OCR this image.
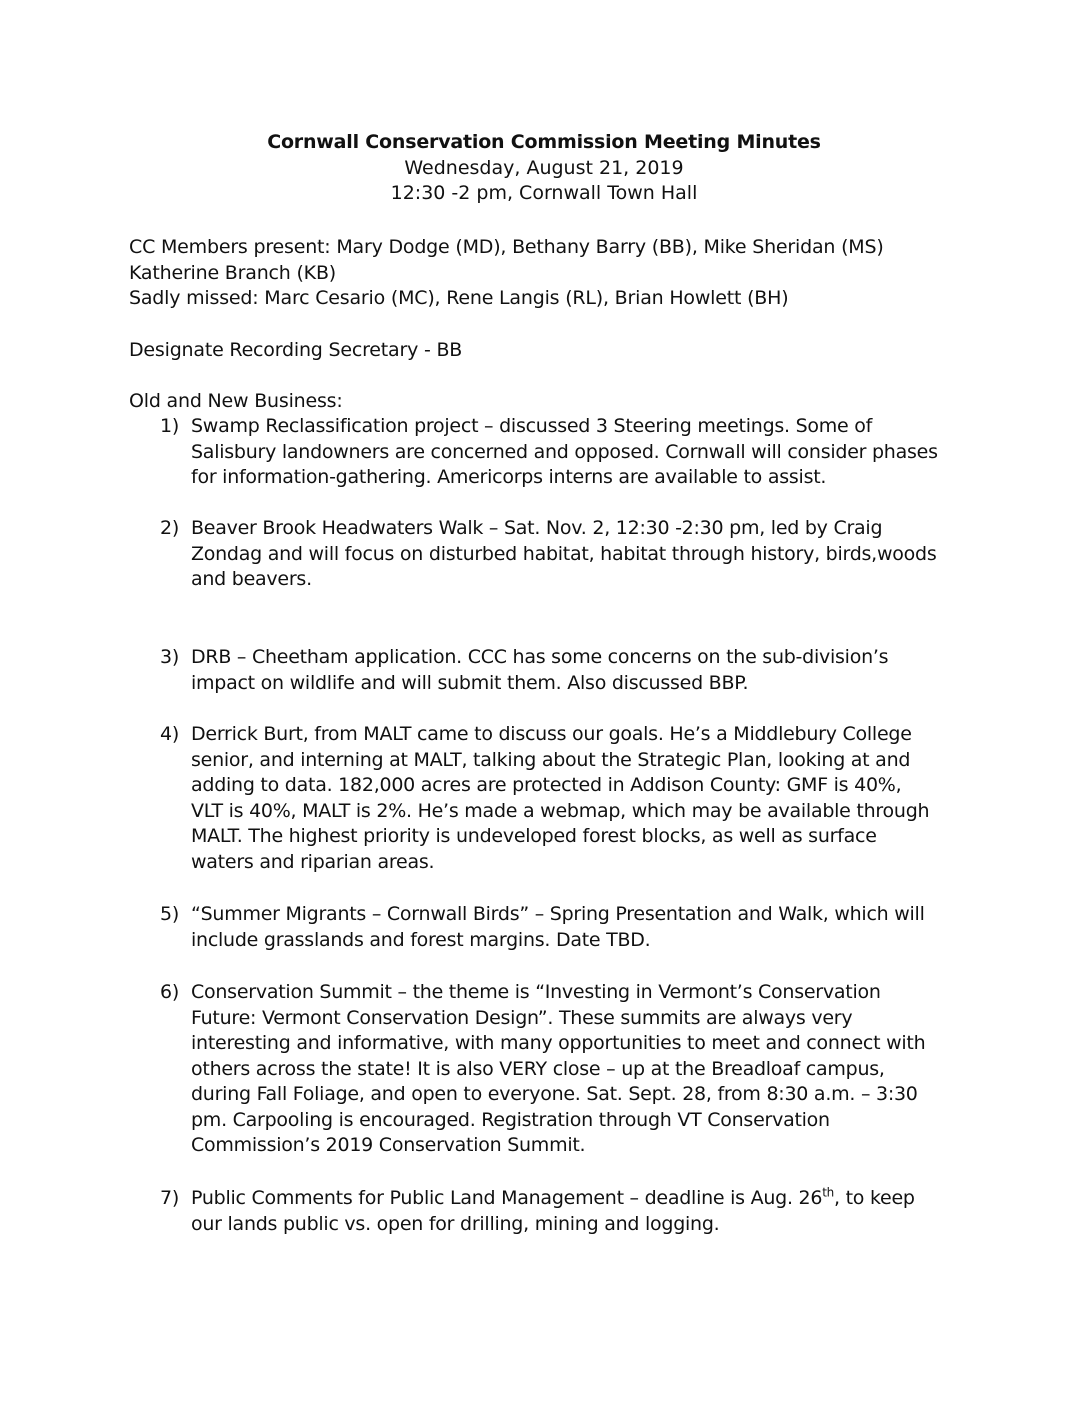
Cornwall Conservation Commission Meeting Minutes
Wednesday, August 21, 2019
12:30 -2 pm, Cornwall Town Hall
CC Members present: Mary Dodge (MD), Bethany Barry (BB), Mike Sheridan (MS)
Katherine Branch (KB)
Sadly missed: Marc Cesario (MC), Rene Langis (RL), Brian Howlett (BH)
Designate Recording Secretary - BB
Old and New Business:
1) Swamp Reclassification project – discussed 3 Steering meetings. Some of
Salisbury landowners are concerned and opposed. Cornwall will consider phases
for information-gathering. Americorps interns are available to assist.
2) Beaver Brook Headwaters Walk – Sat. Nov. 2, 12:30 -2:30 pm, led by Craig
Zondag and will focus on disturbed habitat, habitat through history, birds,woods
and beavers.
3) DRB – Cheetham application. CCC has some concerns on the sub-division’s
impact on wildlife and will submit them. Also discussed BBP.
4) Derrick Burt, from MALT came to discuss our goals. He’s a Middlebury College
senior, and interning at MALT, talking about the Strategic Plan, looking at and
adding to data. 182,000 acres are protected in Addison County: GMF is 40%,
VLT is 40%, MALT is 2%. He’s made a webmap, which may be available through
MALT. The highest priority is undeveloped forest blocks, as well as surface
waters and riparian areas.
5) “Summer Migrants – Cornwall Birds” – Spring Presentation and Walk, which will
include grasslands and forest margins. Date TBD.
6) Conservation Summit – the theme is “Investing in Vermont’s Conservation
Future: Vermont Conservation Design”. These summits are always very
interesting and informative, with many opportunities to meet and connect with
others across the state! It is also VERY close – up at the Breadloaf campus,
during Fall Foliage, and open to everyone. Sat. Sept. 28, from 8:30 a.m. – 3:30
pm. Carpooling is encouraged. Registration through VT Conservation
Commission’s 2019 Conservation Summit.
7) Public Comments for Public Land Management – deadline is Aug. 26th, to keep
our lands public vs. open for drilling, mining and logging.
